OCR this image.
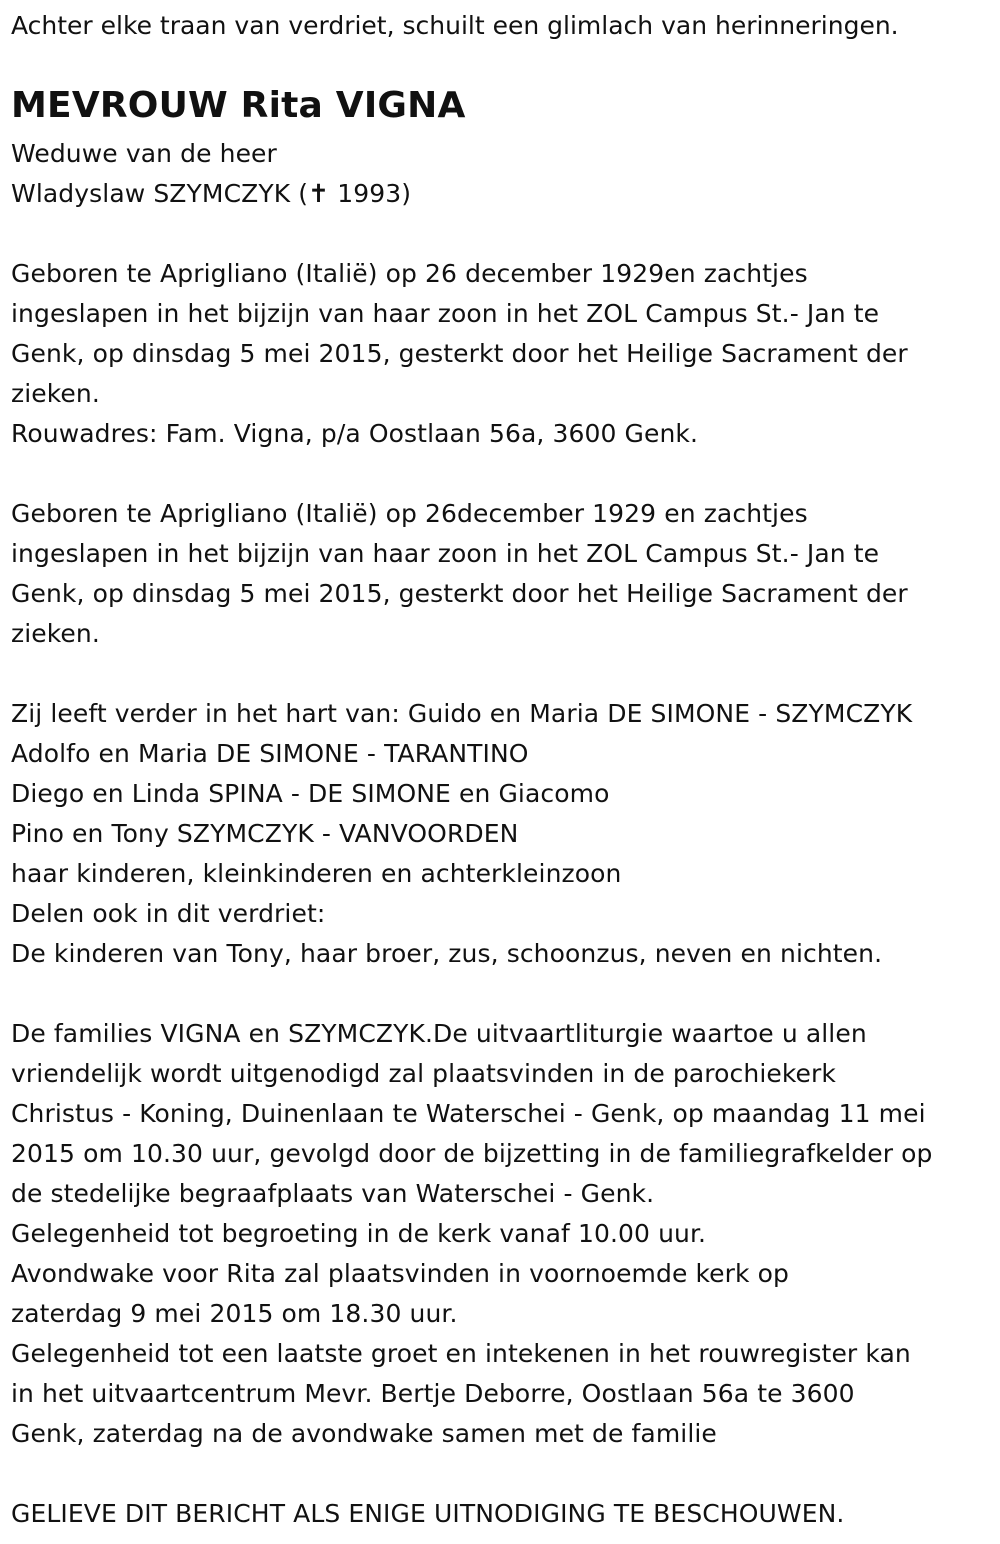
Achter elke traan van verdriet, schuilt een glimlach van herinneringen.
MEVROUW Rita VIGNA

Weduwe van de heer

Wladyslaw SZYMCZYK (✝ 1993)

Geboren te Aprigliano (Italië) op 26 december 1929en zachtjes

ingeslapen in het bijzijn van haar zoon in het ZOL Campus St.- Jan te

Genk, op dinsdag 5 mei 2015, gesterkt door het Heilige Sacrament der

zieken.

Rouwadres: Fam. Vigna, p/a Oostlaan 56a, 3600 Genk.

Geboren te Aprigliano (Italië) op 26december 1929 en zachtjes

ingeslapen in het bijzijn van haar zoon in het ZOL Campus St.- Jan te

Genk, op dinsdag 5 mei 2015, gesterkt door het Heilige Sacrament der

zieken.

Zij leeft verder in het hart van: Guido en Maria DE SIMONE - SZYMCZYK

Adolfo en Maria DE SIMONE - TARANTINO

Diego en Linda SPINA - DE SIMONE en Giacomo

Pino en Tony SZYMCZYK - VANVOORDEN

haar kinderen, kleinkinderen en achterkleinzoon

Delen ook in dit verdriet:

De kinderen van Tony, haar broer, zus, schoonzus, neven en nichten.

De families VIGNA en SZYMCZYK.De uitvaartliturgie waartoe u allen

vriendelijk wordt uitgenodigd zal plaatsvinden in de parochiekerk

Christus - Koning, Duinenlaan te Waterschei - Genk, op maandag 11 mei

2015 om 10.30 uur, gevolgd door de bijzetting in de familiegrafkelder op

de stedelijke begraafplaats van Waterschei - Genk.

Gelegenheid tot begroeting in de kerk vanaf 10.00 uur.

Avondwake voor Rita zal plaatsvinden in voornoemde kerk op

zaterdag 9 mei 2015 om 18.30 uur.

Gelegenheid tot een laatste groet en intekenen in het rouwregister kan

in het uitvaartcentrum Mevr. Bertje Deborre, Oostlaan 56a te 3600

Genk, zaterdag na de avondwake samen met de familie

GELIEVE DIT BERICHT ALS ENIGE UITNODIGING TE BESCHOUWEN.
